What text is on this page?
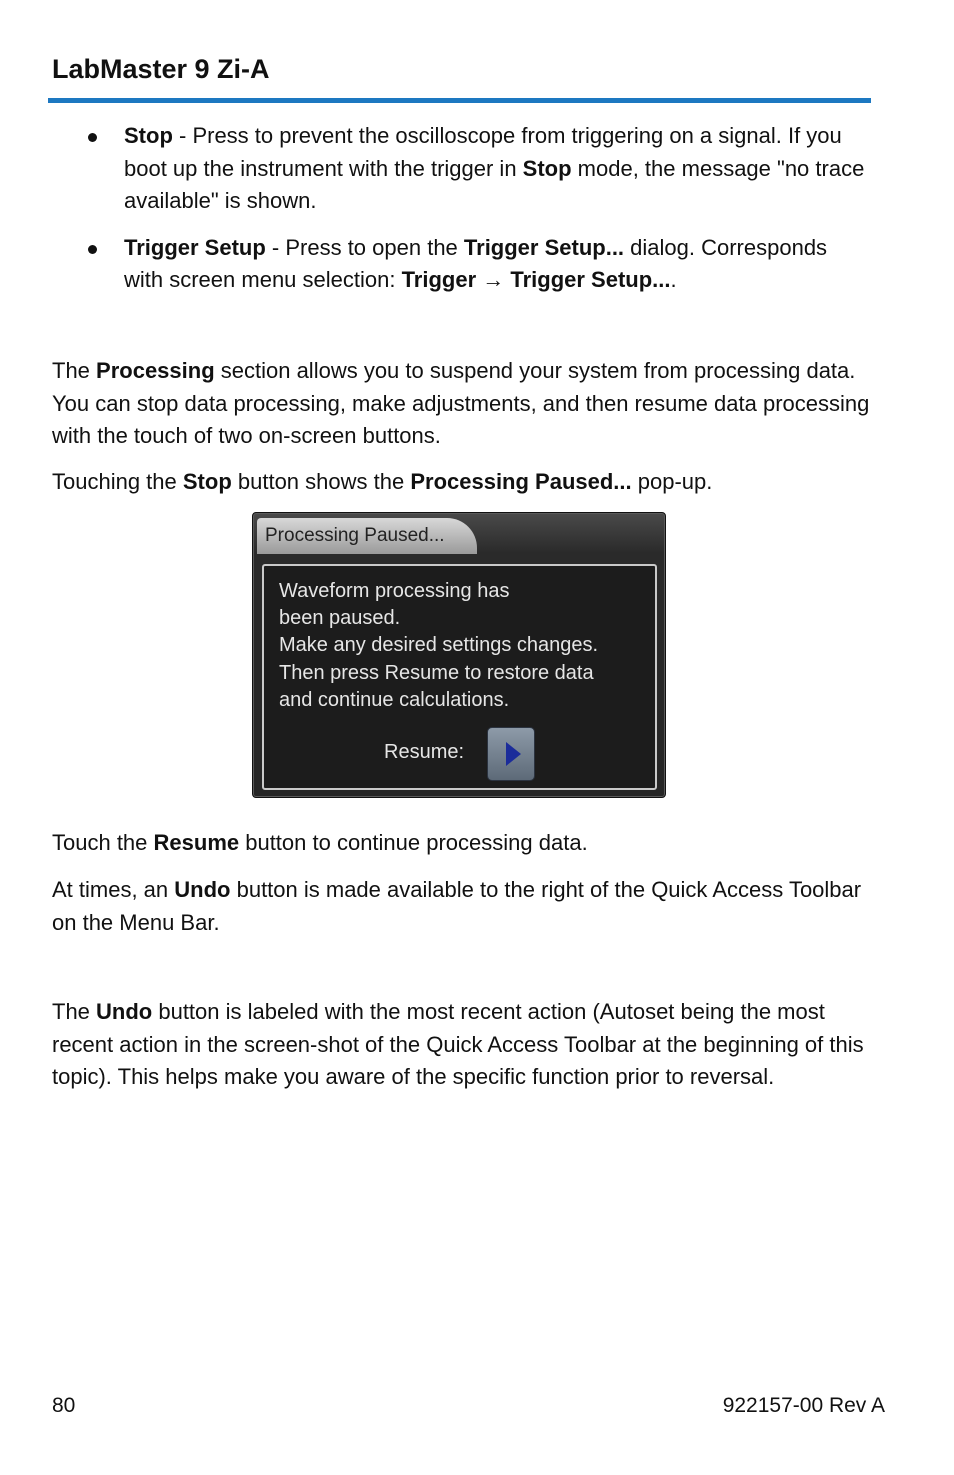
LabMaster 9 Zi-A
Stop - Press to prevent the oscilloscope from triggering on a signal. If you boot up the instrument with the trigger in Stop mode, the message "no trace available" is shown.
Trigger Setup - Press to open the Trigger Setup... dialog. Corresponds with screen menu selection: Trigger → Trigger Setup....

The Processing section allows you to suspend your system from processing data. You can stop data processing, make adjustments, and then resume data processing with the touch of two on-screen buttons.

Touching the Stop button shows the Processing Paused... pop-up.

Processing Paused...
Waveform processing has
been paused.
Make any desired settings changes.
Then press Resume to restore data
and continue calculations.
Resume:

Touch the Resume button to continue processing data.

At times, an Undo button is made available to the right of the Quick Access Toolbar on the Menu Bar.

The Undo button is labeled with the most recent action (Autoset being the most recent action in the screen-shot of the Quick Access Toolbar at the beginning of this topic). This helps make you aware of the specific function prior to reversal.

80	922157-00 Rev A
